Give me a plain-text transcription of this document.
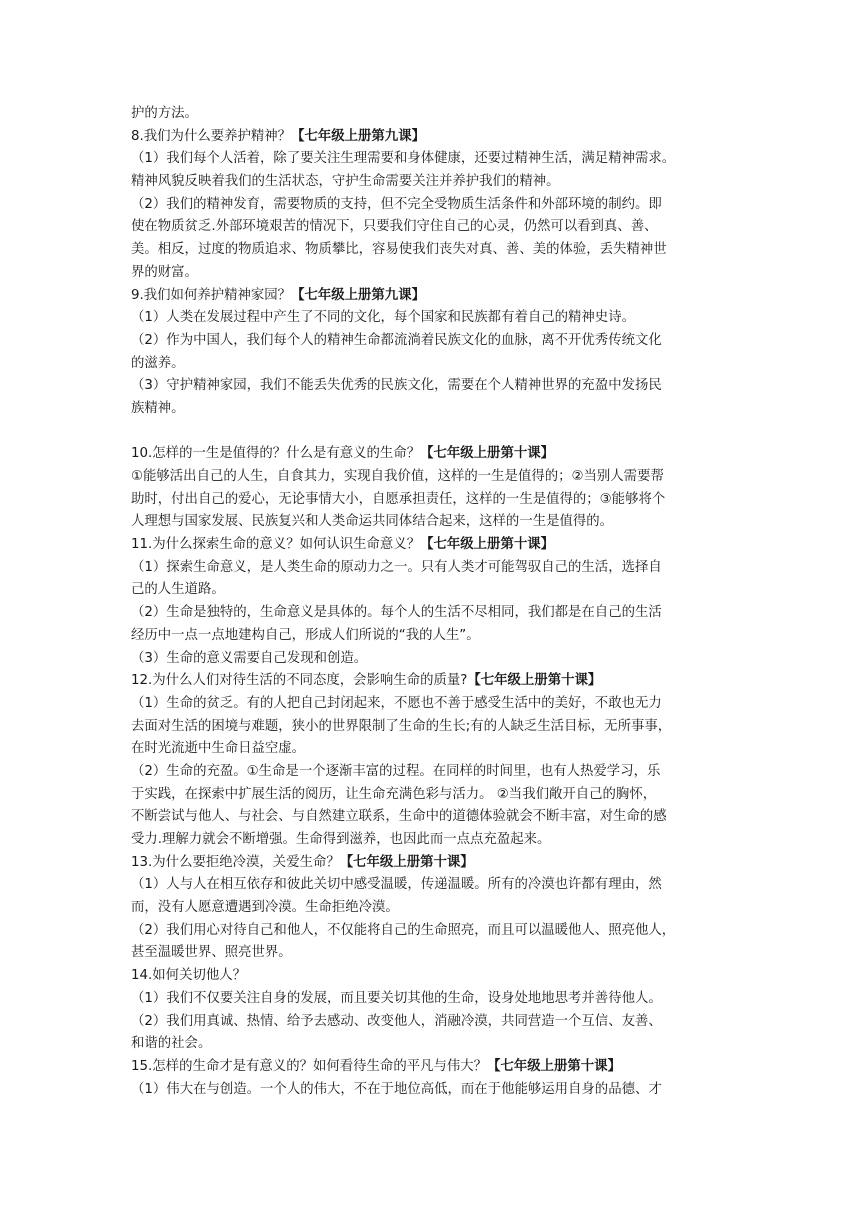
护的方法。
8.我们为什么要养护精神？【七年级上册第九课】
（1）我们每个人活着，除了要关注生理需要和身体健康，还要过精神生活，满足精神需求。
精神风貌反映着我们的生活状态，守护生命需要关注并养护我们的精神。
（2）我们的精神发育，需要物质的支持，但不完全受物质生活条件和外部环境的制约。即
使在物质贫乏.外部环境艰苦的情况下，只要我们守住自己的心灵，仍然可以看到真、善、
美。相反，过度的物质追求、物质攀比，容易使我们丧失对真、善、美的体验，丢失精神世
界的财富。
9.我们如何养护精神家园？【七年级上册第九课】
（1）人类在发展过程中产生了不同的文化，每个国家和民族都有着自己的精神史诗。
（2）作为中国人，我们每个人的精神生命都流淌着民族文化的血脉，离不开优秀传统文化
的滋养。
（3）守护精神家园，我们不能丢失优秀的民族文化，需要在个人精神世界的充盈中发扬民
族精神。
10.怎样的一生是值得的？什么是有意义的生命？【七年级上册第十课】
①能够活出自己的人生，自食其力，实现自我价值，这样的一生是值得的；②当别人需要帮
助时，付出自己的爱心，无论事情大小，自愿承担责任，这样的一生是值得的；③能够将个
人理想与国家发展、民族复兴和人类命运共同体结合起来，这样的一生是值得的。
11.为什么探索生命的意义？如何认识生命意义？【七年级上册第十课】
（1）探索生命意义，是人类生命的原动力之一。只有人类才可能驾驭自己的生活，选择自
己的人生道路。
（2）生命是独特的，生命意义是具体的。每个人的生活不尽相同，我们都是在自己的生活
经历中一点一点地建构自己，形成人们所说的“我的人生”。
（3）生命的意义需要自己发现和创造。
12.为什么人们对待生活的不同态度，会影响生命的质量?【七年级上册第十课】
（1）生命的贫乏。有的人把自己封闭起来，不愿也不善于感受生活中的美好，不敢也无力
去面对生活的困境与难题，狭小的世界限制了生命的生长;有的人缺乏生活目标，无所事事，
在时光流逝中生命日益空虚。
（2）生命的充盈。①生命是一个逐渐丰富的过程。在同样的时间里，也有人热爱学习，乐
于实践，在探索中扩展生活的阅历，让生命充满色彩与活力。 ②当我们敞开自己的胸怀，
不断尝试与他人、与社会、与自然建立联系，生命中的道德体验就会不断丰富，对生命的感
受力.理解力就会不断增强。生命得到滋养，也因此而一点点充盈起来。
13.为什么要拒绝冷漠，关爱生命？【七年级上册第十课】
（1）人与人在相互依存和彼此关切中感受温暖，传递温暖。所有的冷漠也许都有理由，然
而，没有人愿意遭遇到冷漠。生命拒绝冷漠。
（2）我们用心对待自己和他人，不仅能将自己的生命照亮，而且可以温暖他人、照亮他人，
甚至温暖世界、照亮世界。
14.如何关切他人？
（1）我们不仅要关注自身的发展，而且要关切其他的生命，设身处地地思考并善待他人。
（2）我们用真诚、热情、给予去感动、改变他人，消融冷漠，共同营造一个互信、友善、
和谐的社会。
15.怎样的生命才是有意义的？如何看待生命的平凡与伟大？【七年级上册第十课】
（1）伟大在与创造。一个人的伟大，不在于地位高低，而在于他能够运用自身的品德、才
